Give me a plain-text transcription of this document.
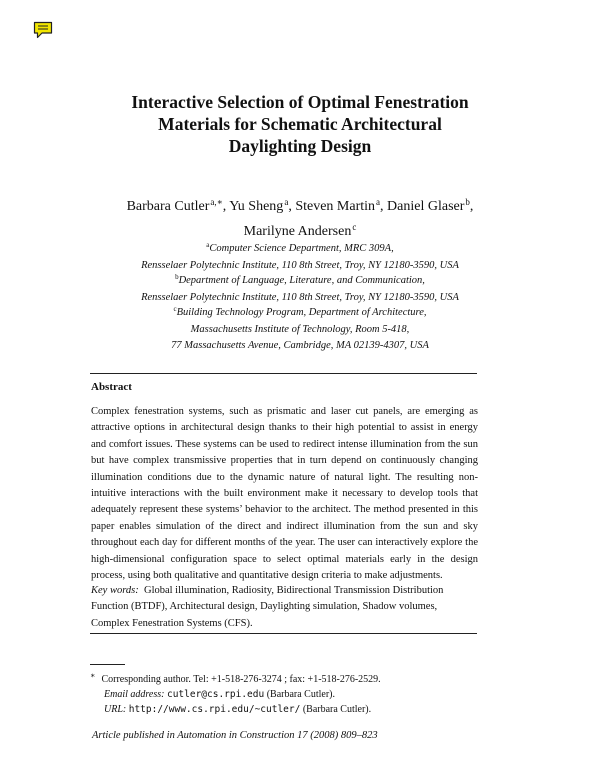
Interactive Selection of Optimal Fenestration
Materials for Schematic Architectural
Daylighting Design
Barbara Cutler$^{a,∗}$, Yu Sheng$^a$, Steven Martin$^a$, Daniel Glaser$^b$,
Marilyne Andersen$^c$
$^a$Computer Science Department, MRC 309A,
Rensselaer Polytechnic Institute, 110 8th Street, Troy, NY 12180-3590, USA
$^b$Department of Language, Literature, and Communication,
Rensselaer Polytechnic Institute, 110 8th Street, Troy, NY 12180-3590, USA
$^c$Building Technology Program, Department of Architecture,
Massachusetts Institute of Technology, Room 5-418,
77 Massachusetts Avenue, Cambridge, MA 02139-4307, USA
Abstract
Complex fenestration systems, such as prismatic and laser cut panels, are emerging as attractive options in architectural design thanks to their high potential to assist in energy and comfort issues. These systems can be used to redirect intense illumination from the sun but have complex transmissive properties that in turn depend on continuously changing illumination conditions due to the dynamic nature of natural light. The resulting non-intuitive interactions with the built environment make it necessary to develop tools that adequately represent these systems’ behavior to the architect. The method presented in this paper enables simulation of the direct and indirect illumination from the sun and sky throughout each day for different months of the year. The user can interactively explore the high-dimensional configuration space to select optimal materials early in the design process, using both qualitative and quantitative design criteria to make adjustments.
Key words: Global illumination, Radiosity, Bidirectional Transmission Distribution Function (BTDF), Architectural design, Daylighting simulation, Shadow volumes, Complex Fenestration Systems (CFS).
∗ Corresponding author. Tel: +1-518-276-3274 ; fax: +1-518-276-2529.
Email address: cutler@cs.rpi.edu (Barbara Cutler).
URL: http://www.cs.rpi.edu/~cutler/ (Barbara Cutler).
Article published in Automation in Construction 17 (2008) 809–823
